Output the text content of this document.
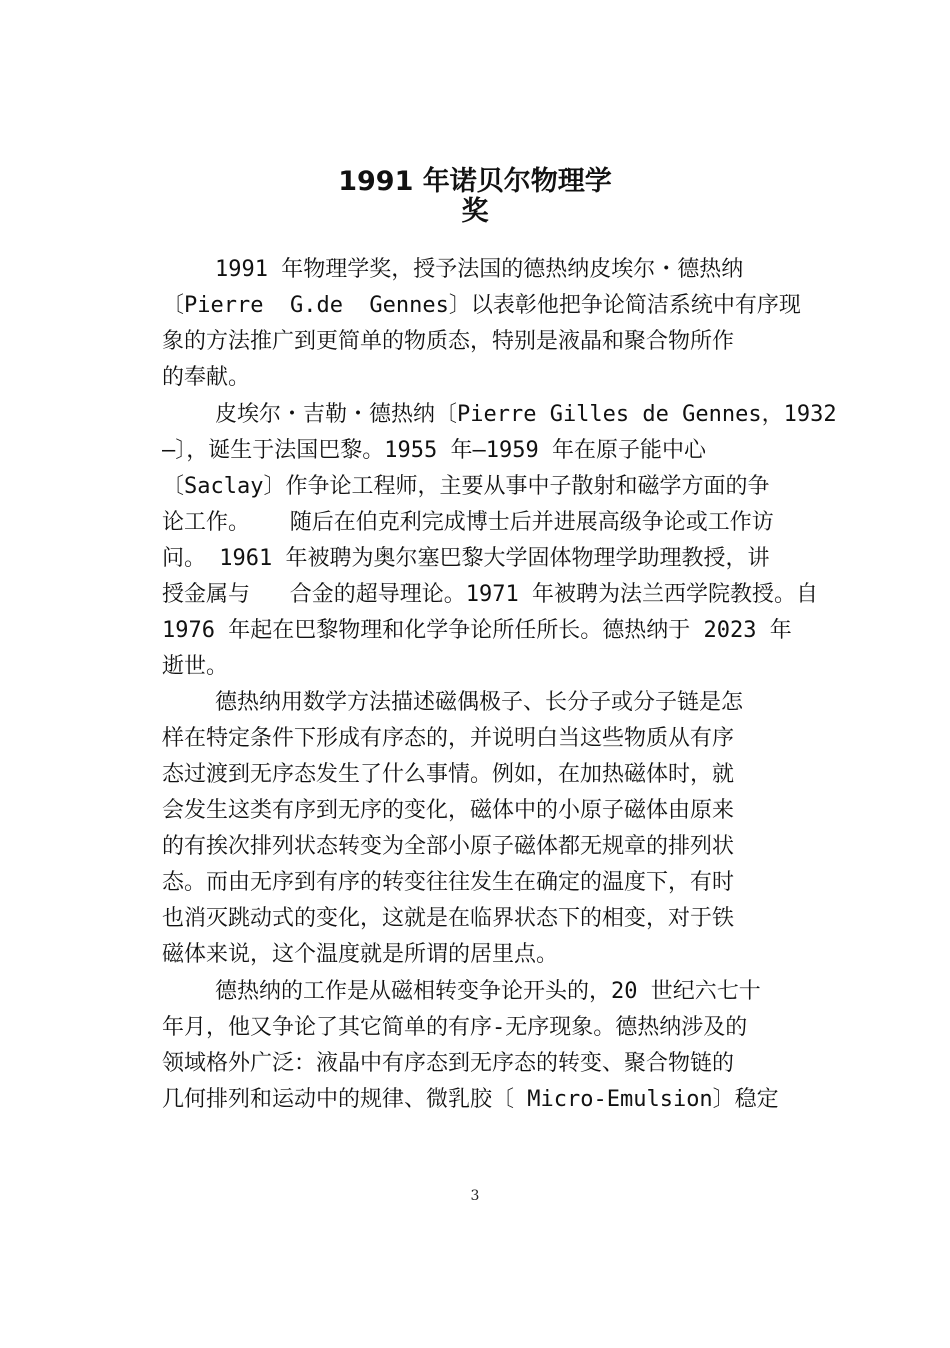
1991 年诺贝尔物理学
奖

1991 年物理学奖，授予法国的德热纳皮埃尔・德热纳

〔Pierre  G.de  Gennes〕以表彰他把争论简洁系统中有序现

象的方法推广到更简单的物质态，特别是液晶和聚合物所作

的奉献。

皮埃尔・吉勒・德热纳〔Pierre Gilles de Gennes，1932

—〕，诞生于法国巴黎。1955 年—1959 年在原子能中心

〔Saclay〕作争论工程师，主要从事中子散射和磁学方面的争

论工作。   随后在伯克利完成博士后并进展高级争论或工作访

问。 1961 年被聘为奥尔塞巴黎大学固体物理学助理教授，讲

授金属与   合金的超导理论。1971 年被聘为法兰西学院教授。自

1976 年起在巴黎物理和化学争论所任所长。德热纳于 2023 年

逝世。

德热纳用数学方法描述磁偶极子、长分子或分子链是怎

样在特定条件下形成有序态的，并说明白当这些物质从有序

态过渡到无序态发生了什么事情。例如，在加热磁体时，就

会发生这类有序到无序的变化，磁体中的小原子磁体由原来

的有挨次排列状态转变为全部小原子磁体都无规章的排列状

态。而由无序到有序的转变往往发生在确定的温度下，有时

也消灭跳动式的变化，这就是在临界状态下的相变，对于铁

磁体来说，这个温度就是所谓的居里点。

德热纳的工作是从磁相转变争论开头的，20 世纪六七十

年月，他又争论了其它简单的有序-无序现象。德热纳涉及的

领域格外广泛：液晶中有序态到无序态的转变、聚合物链的

几何排列和运动中的规律、微乳胶〔 Micro-Emulsion〕稳定

3
